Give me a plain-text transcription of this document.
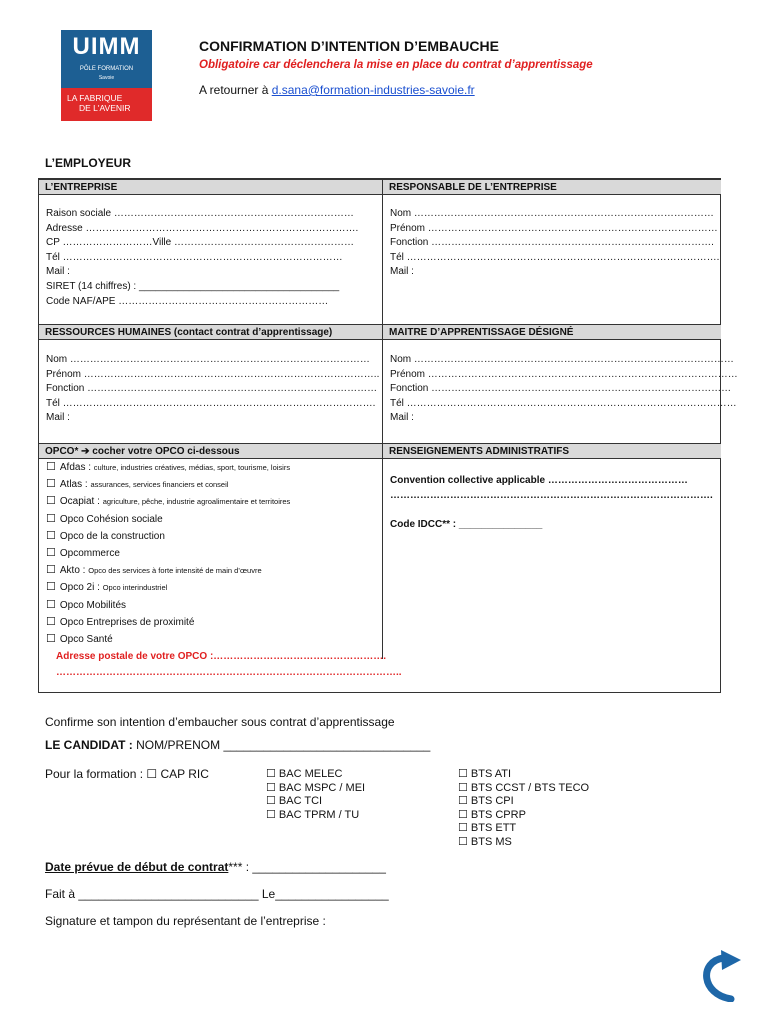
UIMM
PÔLE FORMATION
Savoie
LA FABRIQUE
DE L'AVENIR
CONFIRMATION D’INTENTION D’EMBAUCHE
Obligatoire car déclenchera la mise en place du contrat d’apprentissage
A retourner à d.sana@formation-industries-savoie.fr
L’EMPLOYEUR
L’ENTREPRISE	RESPONSABLE DE L’ENTREPRISE
Raison sociale ………………………………………………………………
Adresse ……………………………………………………………………….
CP ………………………Ville ………………………………………………
Tél …………………………………………………………………………
Mail :
SIRET (14 chiffres) : ____________________________________
Code NAF/APE ………………………………………………………
Nom ………………………………………………………………………………
Prénom ……………………………………………………………………………
Fonction ………………………………………………………………………….
Tél ………………………………………………………………………………….
Mail :
RESSOURCES HUMAINES (contact contrat d’apprentissage)	MAITRE D’APPRENTISSAGE DÉSIGNÉ
Nom ………………………………………………………………………………
Prénom ……………………………………………………………………………..
Fonction ……………………………………………………………………………
Tél ………………………………………………………………………………….
Mail :
Nom ……………………………………………………………………………………
Prénom …………………………………………………………………………………
Fonction ………………………………………………………………………………
Tél ………………………………………………………………………………………
Mail :
OPCO* ➔ cocher votre OPCO ci-dessous	RENSEIGNEMENTS ADMINISTRATIFS
☐ Afdas : culture, industries créatives, médias, sport, tourisme, loisirs
☐ Atlas : assurances, services financiers et conseil
☐ Ocapiat : agriculture, pêche, industrie agroalimentaire et territoires
☐ Opco Cohésion sociale
☐ Opco de la construction
☐ Opcommerce
☐ Akto : Opco des services à forte intensité de main d’œuvre
☐ Opco 2i : Opco interindustriel
☐ Opco Mobilités
☐ Opco Entreprises de proximité
☐ Opco Santé
Adresse postale de votre OPCO :…………………………………………….
…………………………………………………………………………………………..
Convention collective applicable ……………………………………
…………………………………………………………………………………….
Code IDCC** : _______________
Confirme son intention d’embaucher sous contrat d’apprentissage
LE CANDIDAT : NOM/PRENOM _______________________________
Pour la formation : ☐ CAP RIC	☐ BAC MELEC
☐ BAC MSPC / MEI
☐ BAC TCI
☐ BAC TPRM / TU
☐ BTS ATI
☐ BTS CCST / BTS TECO
☐ BTS CPI
☐ BTS CPRP
☐ BTS ETT
☐ BTS MS
Date prévue de début de contrat*** : ____________________
Fait à ___________________________ Le_________________
Signature et tampon du représentant de l’entreprise :
